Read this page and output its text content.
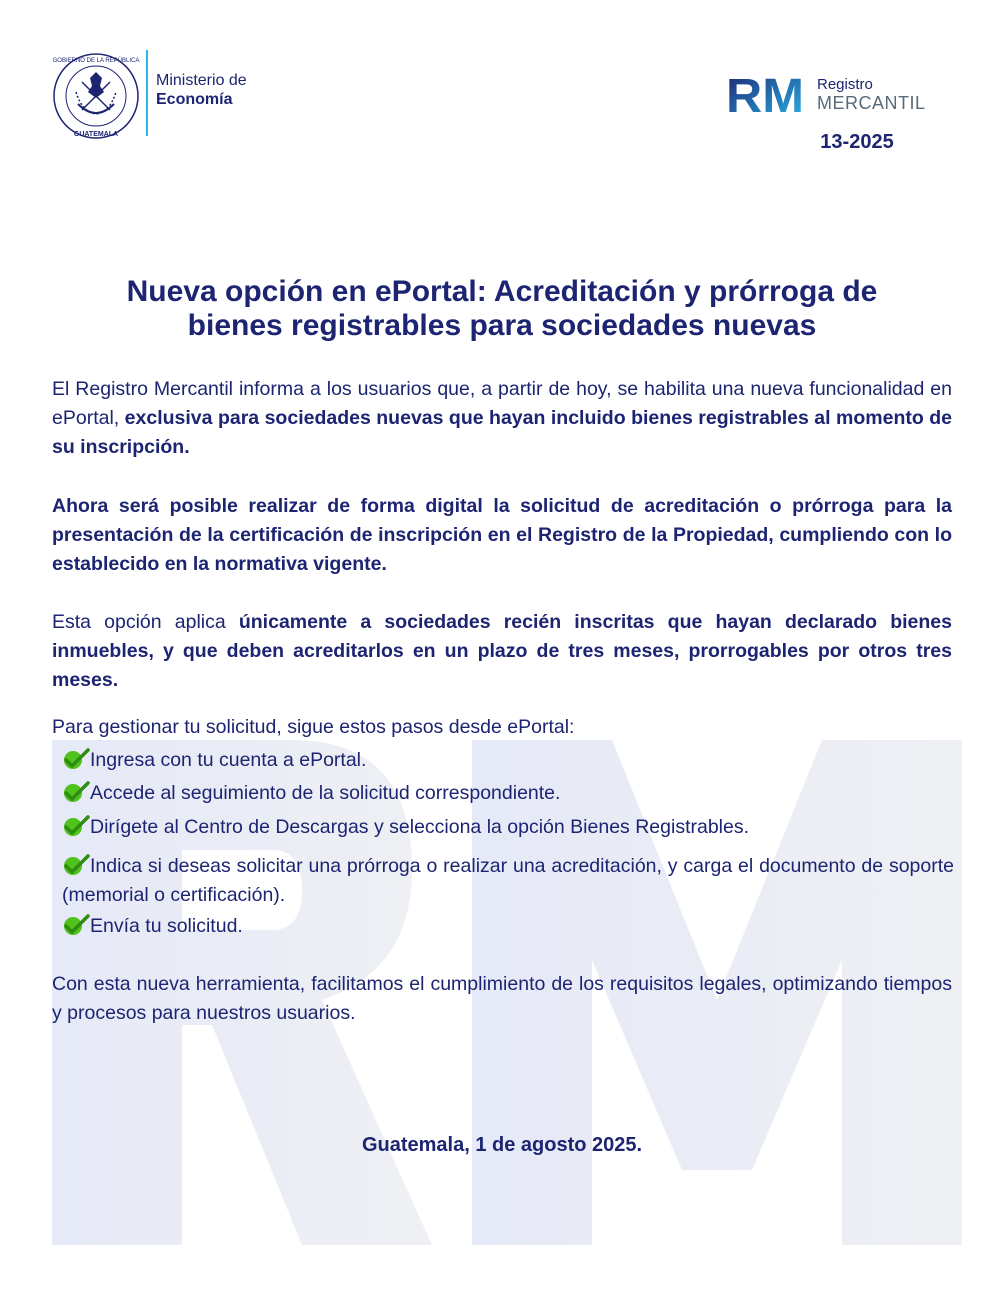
GOBIERNO DE LA REPÚBLICA
GUATEMALA
Ministerio de
Economía	RM Registro
MERCANTIL
13-2025
Nueva opción en ePortal: Acreditación y prórroga de
bienes registrables para sociedades nuevas
El Registro Mercantil informa a los usuarios que, a partir de hoy, se habilita una nueva funcionalidad en ePortal, exclusiva para sociedades nuevas que hayan incluido bienes registrables al momento de su inscripción.
Ahora será posible realizar de forma digital la solicitud de acreditación o prórroga para la presentación de la certificación de inscripción en el Registro de la Propiedad, cumpliendo con lo establecido en la normativa vigente.
Esta opción aplica únicamente a sociedades recién inscritas que hayan declarado bienes inmuebles, y que deben acreditarlos en un plazo de tres meses, prorrogables por otros tres meses.
Para gestionar tu solicitud, sigue estos pasos desde ePortal:
Ingresa con tu cuenta a ePortal.
Accede al seguimiento de la solicitud correspondiente.
Dirígete al Centro de Descargas y selecciona la opción Bienes Registrables.
Indica si deseas solicitar una prórroga o realizar una acreditación, y carga el documento de soporte (memorial o certificación).
Envía tu solicitud.
Con esta nueva herramienta, facilitamos el cumplimiento de los requisitos legales, optimizando tiempos y procesos para nuestros usuarios.
Guatemala, 1 de agosto 2025.
